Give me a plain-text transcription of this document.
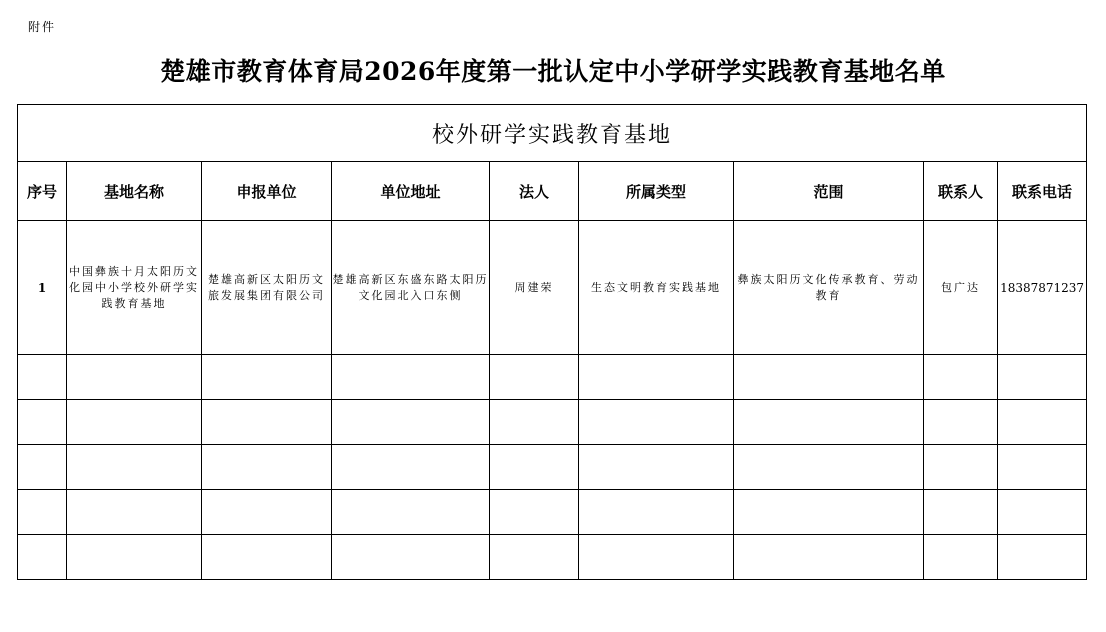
附件
楚雄市教育体育局2026年度第一批认定中小学研学实践教育基地名单
校外研学实践教育基地								
序号	基地名称	申报单位	单位地址	法人	所属类型	范围	联系人	联系电话
1	中国彝族十月太阳历文化园中小学校外研学实践教育基地	楚雄高新区太阳历文旅发展集团有限公司	楚雄高新区东盛东路太阳历文化园北入口东侧	周建荣	生态文明教育实践基地	彝族太阳历文化传承教育、劳动教育	包广达	18387871237
